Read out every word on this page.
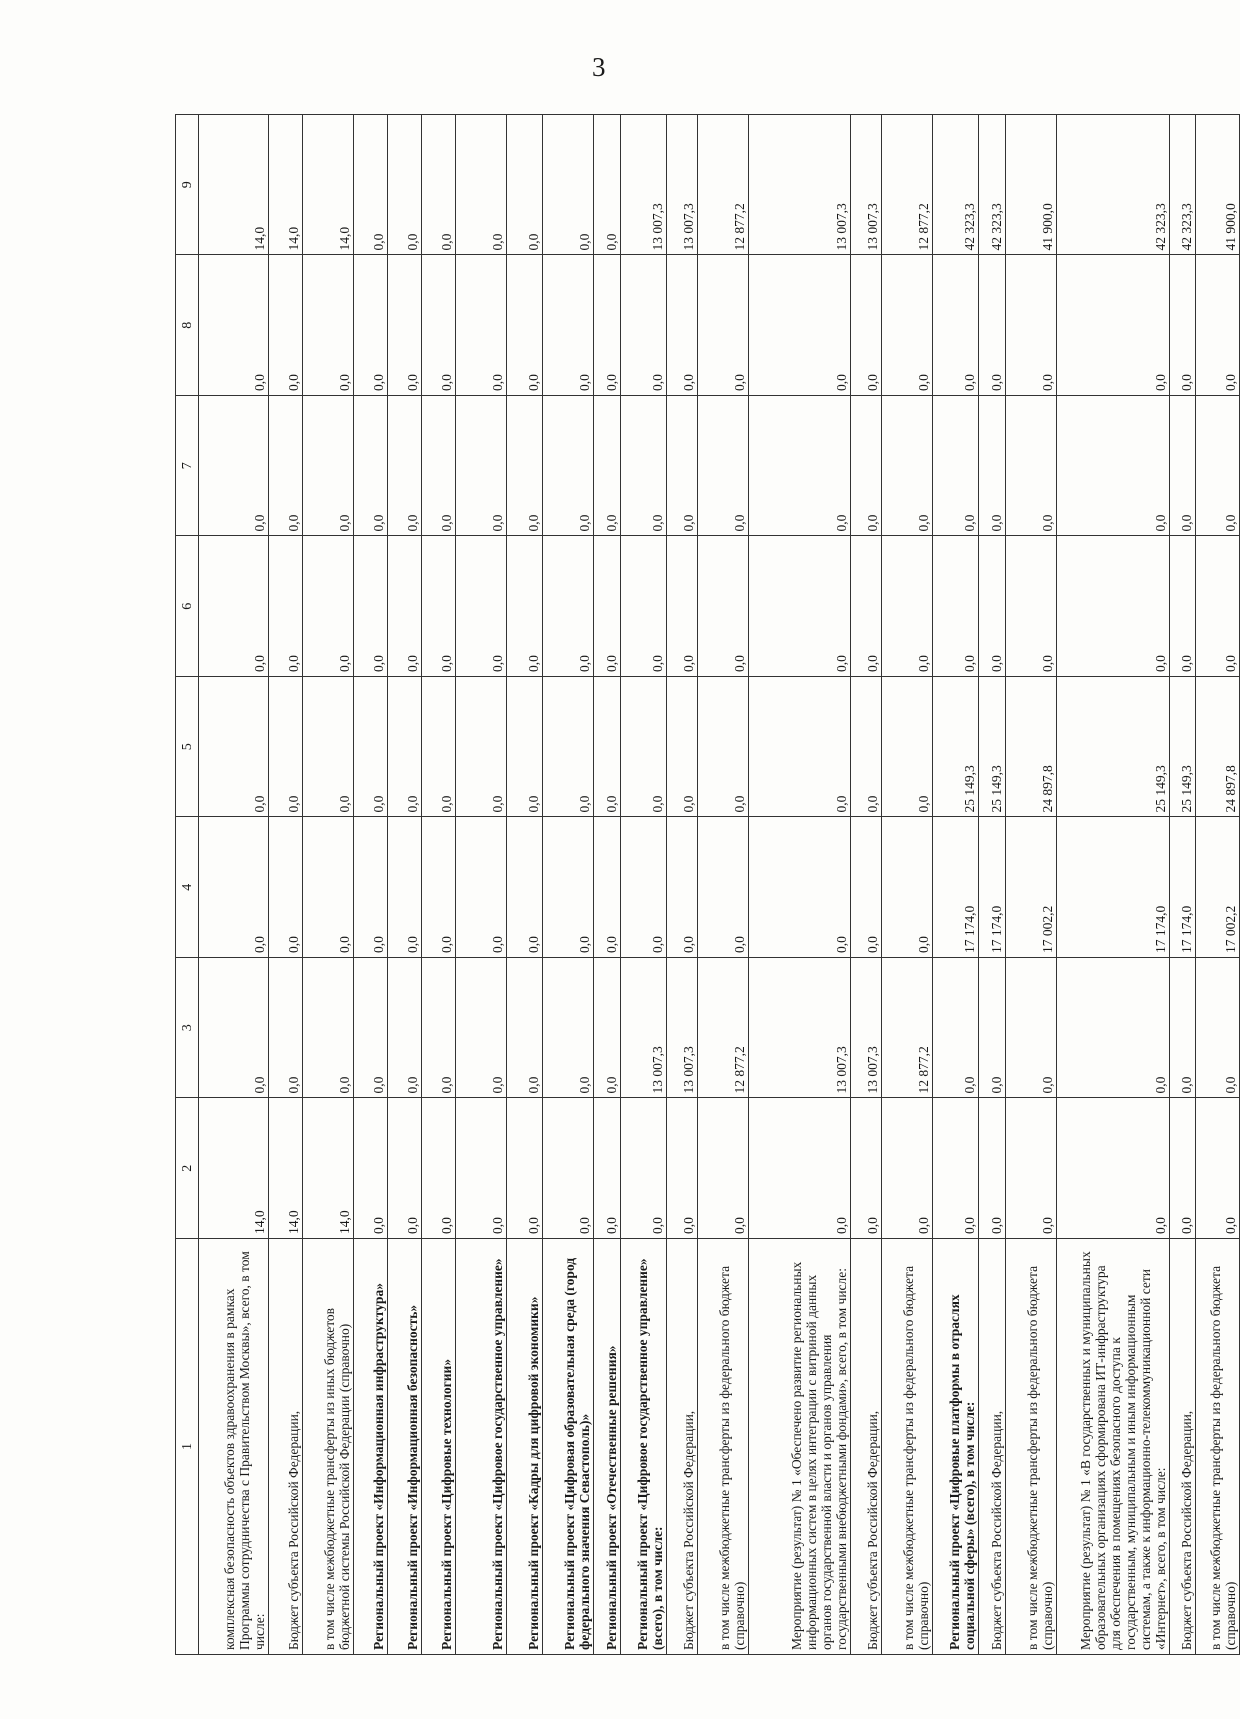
3
1	2	3	4	5	6	7	8	9
комплексная безопасность объектов здравоохранения в рамках Программы сотрудничества с Правительством Москвы», всего, в том числе:	14,0	0,0	0,0	0,0	0,0	0,0	0,0	14,0
Бюджет субъекта Российской Федерации,	14,0	0,0	0,0	0,0	0,0	0,0	0,0	14,0
в том числе межбюджетные трансферты из иных бюджетов бюджетной системы Российской Федерации (справочно)	14,0	0,0	0,0	0,0	0,0	0,0	0,0	14,0
Региональный проект «Информационная инфраструктура»	0,0	0,0	0,0	0,0	0,0	0,0	0,0	0,0
Региональный проект «Информационная безопасность»	0,0	0,0	0,0	0,0	0,0	0,0	0,0	0,0
Региональный проект «Цифровые технологии»	0,0	0,0	0,0	0,0	0,0	0,0	0,0	0,0
Региональный проект «Цифровое государственное управление»	0,0	0,0	0,0	0,0	0,0	0,0	0,0	0,0
Региональный проект «Кадры для цифровой экономики»	0,0	0,0	0,0	0,0	0,0	0,0	0,0	0,0
Региональный проект «Цифровая образовательная среда (город федерального значения Севастополь)»	0,0	0,0	0,0	0,0	0,0	0,0	0,0	0,0
Региональный проект «Отечественные решения»	0,0	0,0	0,0	0,0	0,0	0,0	0,0	0,0
Региональный проект «Цифровое государственное управление» (всего), в том числе:	0,0	13 007,3	0,0	0,0	0,0	0,0	0,0	13 007,3
Бюджет субъекта Российской Федерации,	0,0	13 007,3	0,0	0,0	0,0	0,0	0,0	13 007,3
в том числе межбюджетные трансферты из федерального бюджета (справочно)	0,0	12 877,2	0,0	0,0	0,0	0,0	0,0	12 877,2
Мероприятие (результат) № 1 «Обеспечено развитие региональных информационных систем в целях интеграции с витриной данных органов государственной власти и органов управления государственными внебюджетными фондами», всего, в том числе:	0,0	13 007,3	0,0	0,0	0,0	0,0	0,0	13 007,3
Бюджет субъекта Российской Федерации,	0,0	13 007,3	0,0	0,0	0,0	0,0	0,0	13 007,3
в том числе межбюджетные трансферты из федерального бюджета (справочно)	0,0	12 877,2	0,0	0,0	0,0	0,0	0,0	12 877,2
Региональный проект «Цифровые платформы в отраслях социальной сферы» (всего), в том числе:	0,0	0,0	17 174,0	25 149,3	0,0	0,0	0,0	42 323,3
Бюджет субъекта Российской Федерации,	0,0	0,0	17 174,0	25 149,3	0,0	0,0	0,0	42 323,3
в том числе межбюджетные трансферты из федерального бюджета (справочно)	0,0	0,0	17 002,2	24 897,8	0,0	0,0	0,0	41 900,0
Мероприятие (результат) № 1 «В государственных и муниципальных образовательных организациях сформирована ИТ-инфраструктура для обеспечения в помещениях безопасного доступа к государственным, муниципальным и иным информационным системам, а также к информационно-телекоммуникационной сети «Интернет», всего, в том числе:	0,0	0,0	17 174,0	25 149,3	0,0	0,0	0,0	42 323,3
Бюджет субъекта Российской Федерации,	0,0	0,0	17 174,0	25 149,3	0,0	0,0	0,0	42 323,3
в том числе межбюджетные трансферты из федерального бюджета (справочно)	0,0	0,0	17 002,2	24 897,8	0,0	0,0	0,0	41 900,0
